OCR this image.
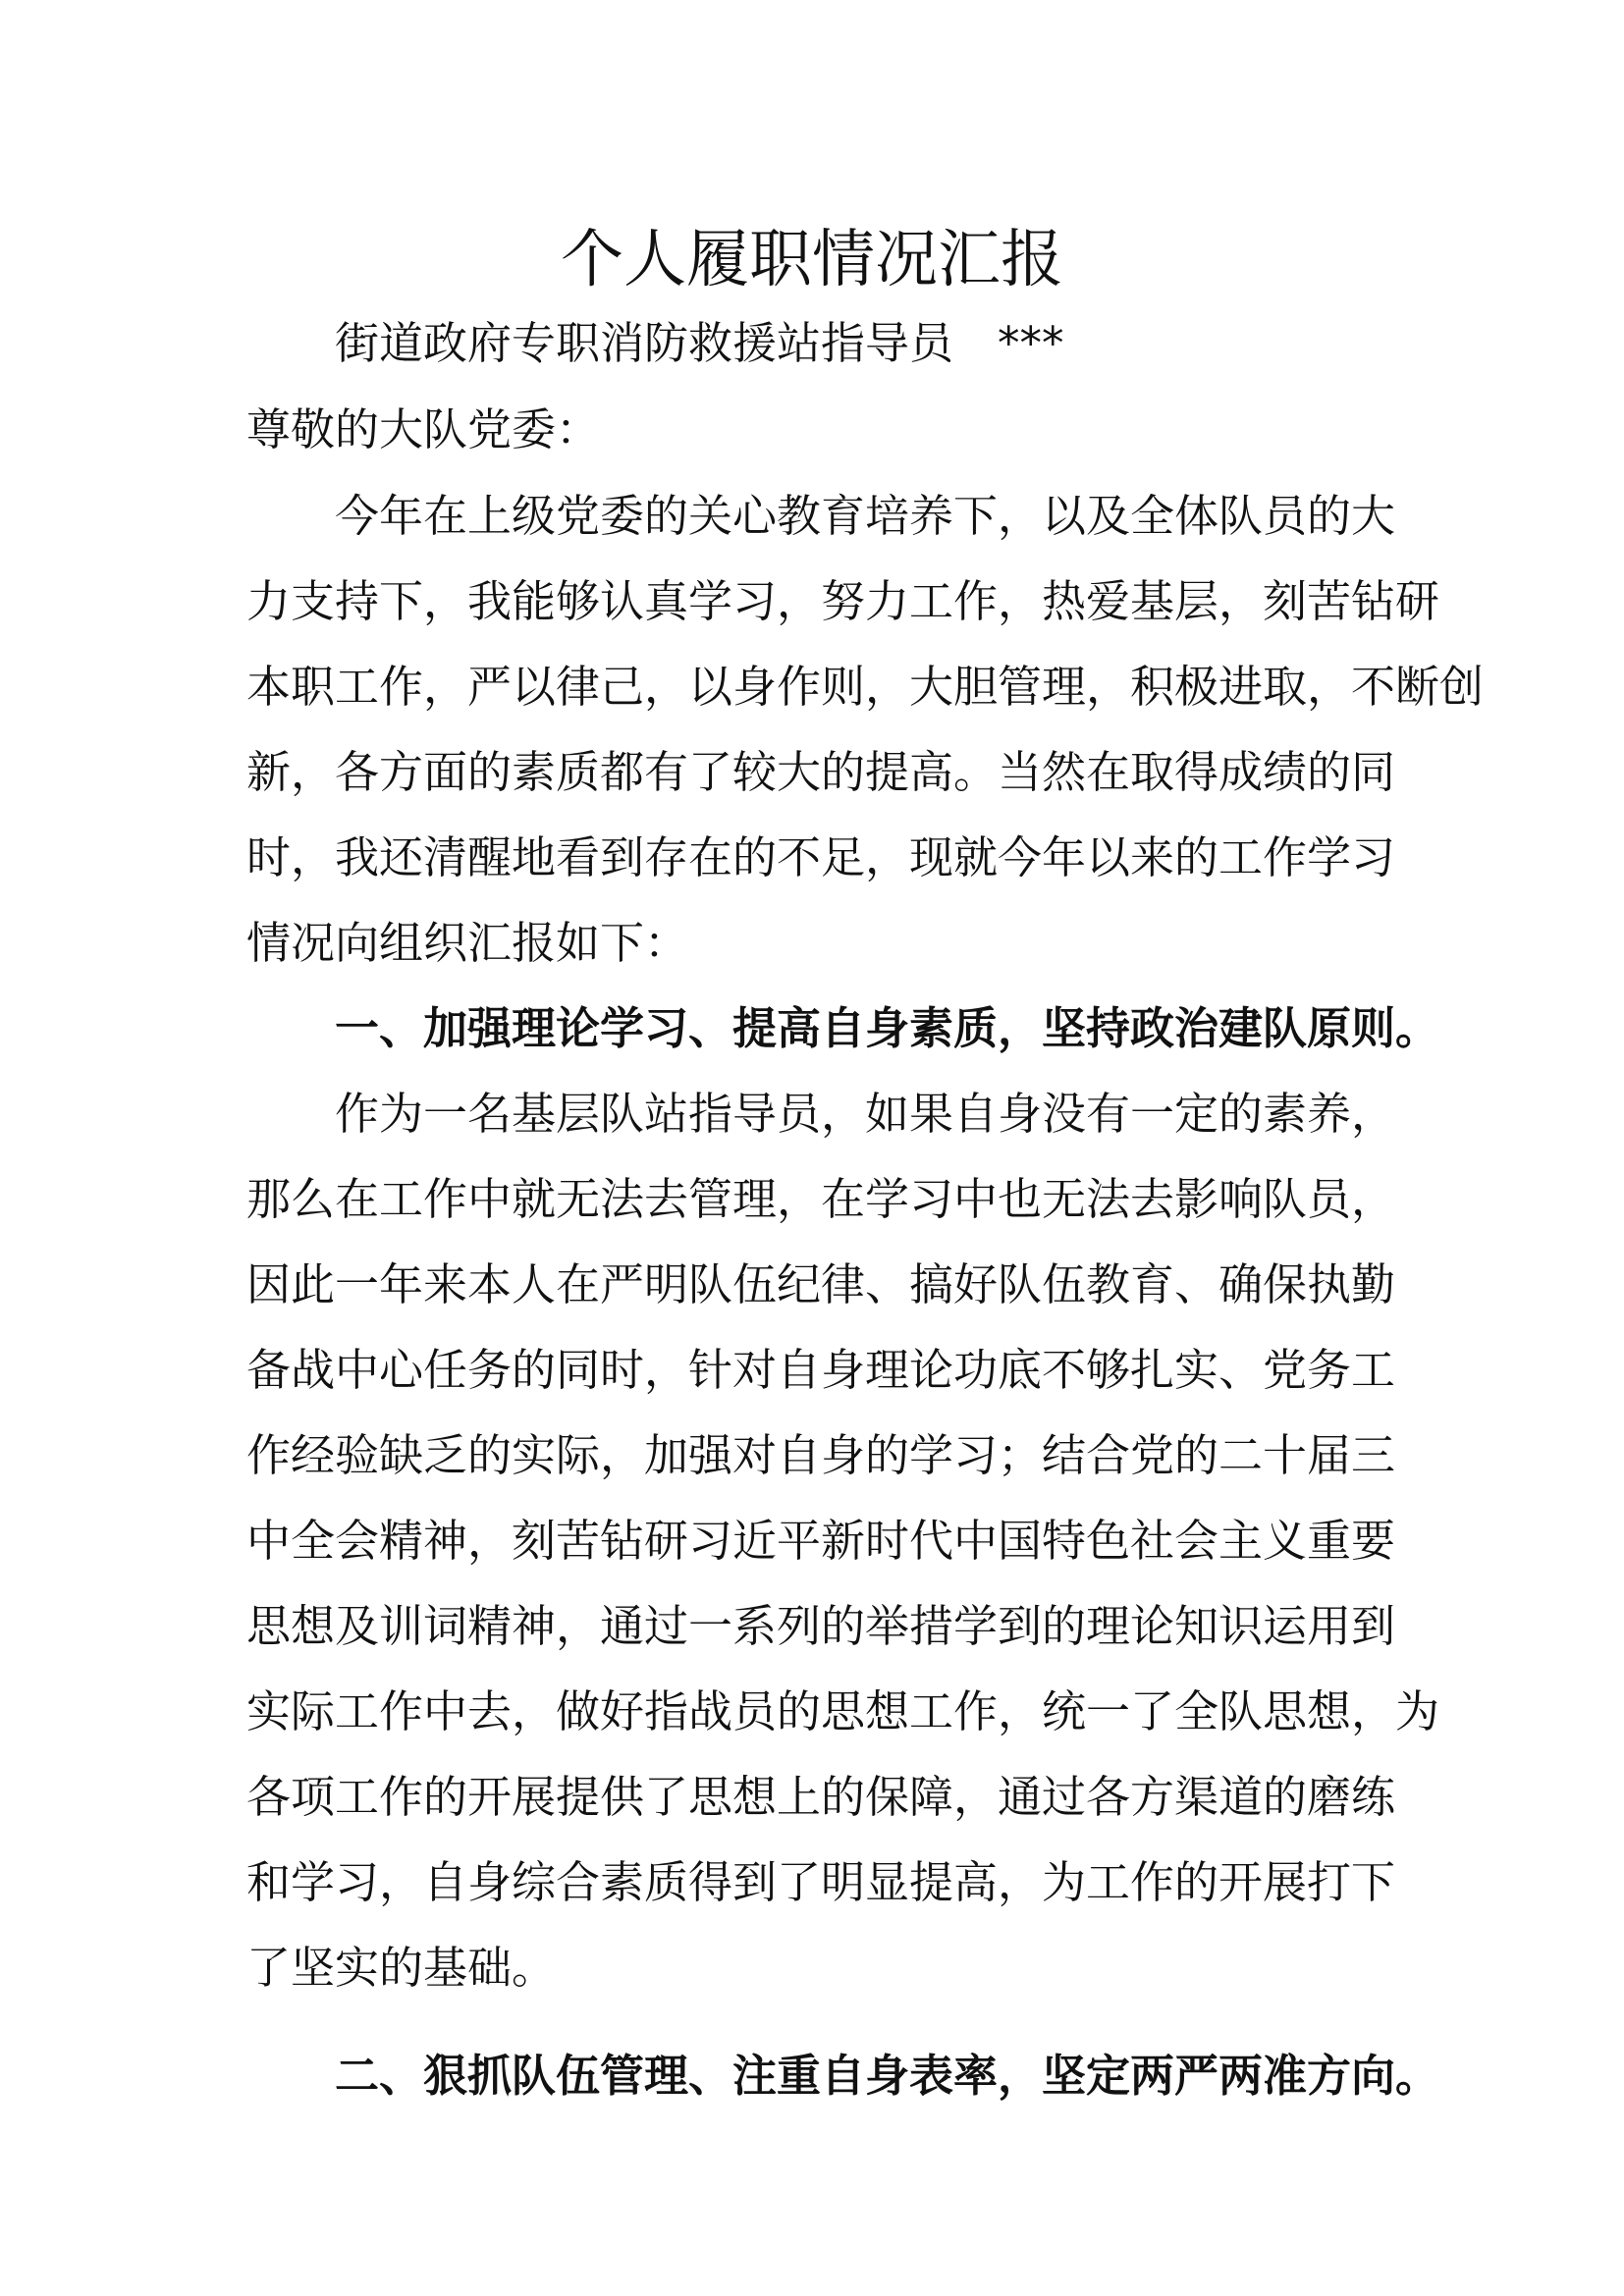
个人履职情况汇报
街道政府专职消防救援站指导员　***
尊敬的大队党委：
今年在上级党委的关心教育培养下，以及全体队员的大
力支持下，我能够认真学习，努力工作，热爱基层，刻苦钻研
本职工作，严以律己，以身作则，大胆管理，积极进取，不断创
新，各方面的素质都有了较大的提高。当然在取得成绩的同
时，我还清醒地看到存在的不足，现就今年以来的工作学习
情况向组织汇报如下：
一、加强理论学习、提高自身素质，坚持政治建队原则。
作为一名基层队站指导员，如果自身没有一定的素养，
那么在工作中就无法去管理，在学习中也无法去影响队员，
因此一年来本人在严明队伍纪律、搞好队伍教育、确保执勤
备战中心任务的同时，针对自身理论功底不够扎实、党务工
作经验缺乏的实际，加强对自身的学习；结合党的二十届三
中全会精神，刻苦钻研习近平新时代中国特色社会主义重要
思想及训词精神，通过一系列的举措学到的理论知识运用到
实际工作中去，做好指战员的思想工作，统一了全队思想，为
各项工作的开展提供了思想上的保障，通过各方渠道的磨练
和学习，自身综合素质得到了明显提高，为工作的开展打下
了坚实的基础。
二、狠抓队伍管理、注重自身表率，坚定两严两准方向。
